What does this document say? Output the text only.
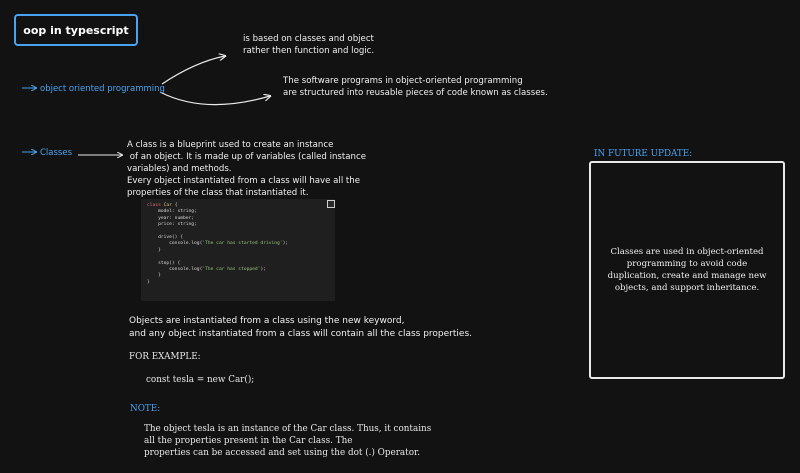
oop in typescript
object oriented programming
is based on classes and object
rather then function and logic.
The software programs in object-oriented programming
are structured into reusable pieces of code known as classes.
Classes
A class is a blueprint used to create an instance
of an object. It is made up of variables (called instance
variables) and methods.
Every object instantiated from a class will have all the
properties of the class that instantiated it.
class Car {
model: string;
year: number;
price: string;

drive() {
console.log('The car has started driving');
}

stop() {
console.log('The car has stopped');
}
}
Objects are instantiated from a class using the new keyword,
and any object instantiated from a class will contain all the class properties.
FOR EXAMPLE:
const tesla = new Car();
NOTE:
The object tesla is an instance of the Car class. Thus, it contains
all the properties present in the Car class. The
properties can be accessed and set using the dot (.) Operator.
IN FUTURE UPDATE:
Classes are used in object-oriented programming to avoid code duplication, create and manage new objects, and support inheritance.
